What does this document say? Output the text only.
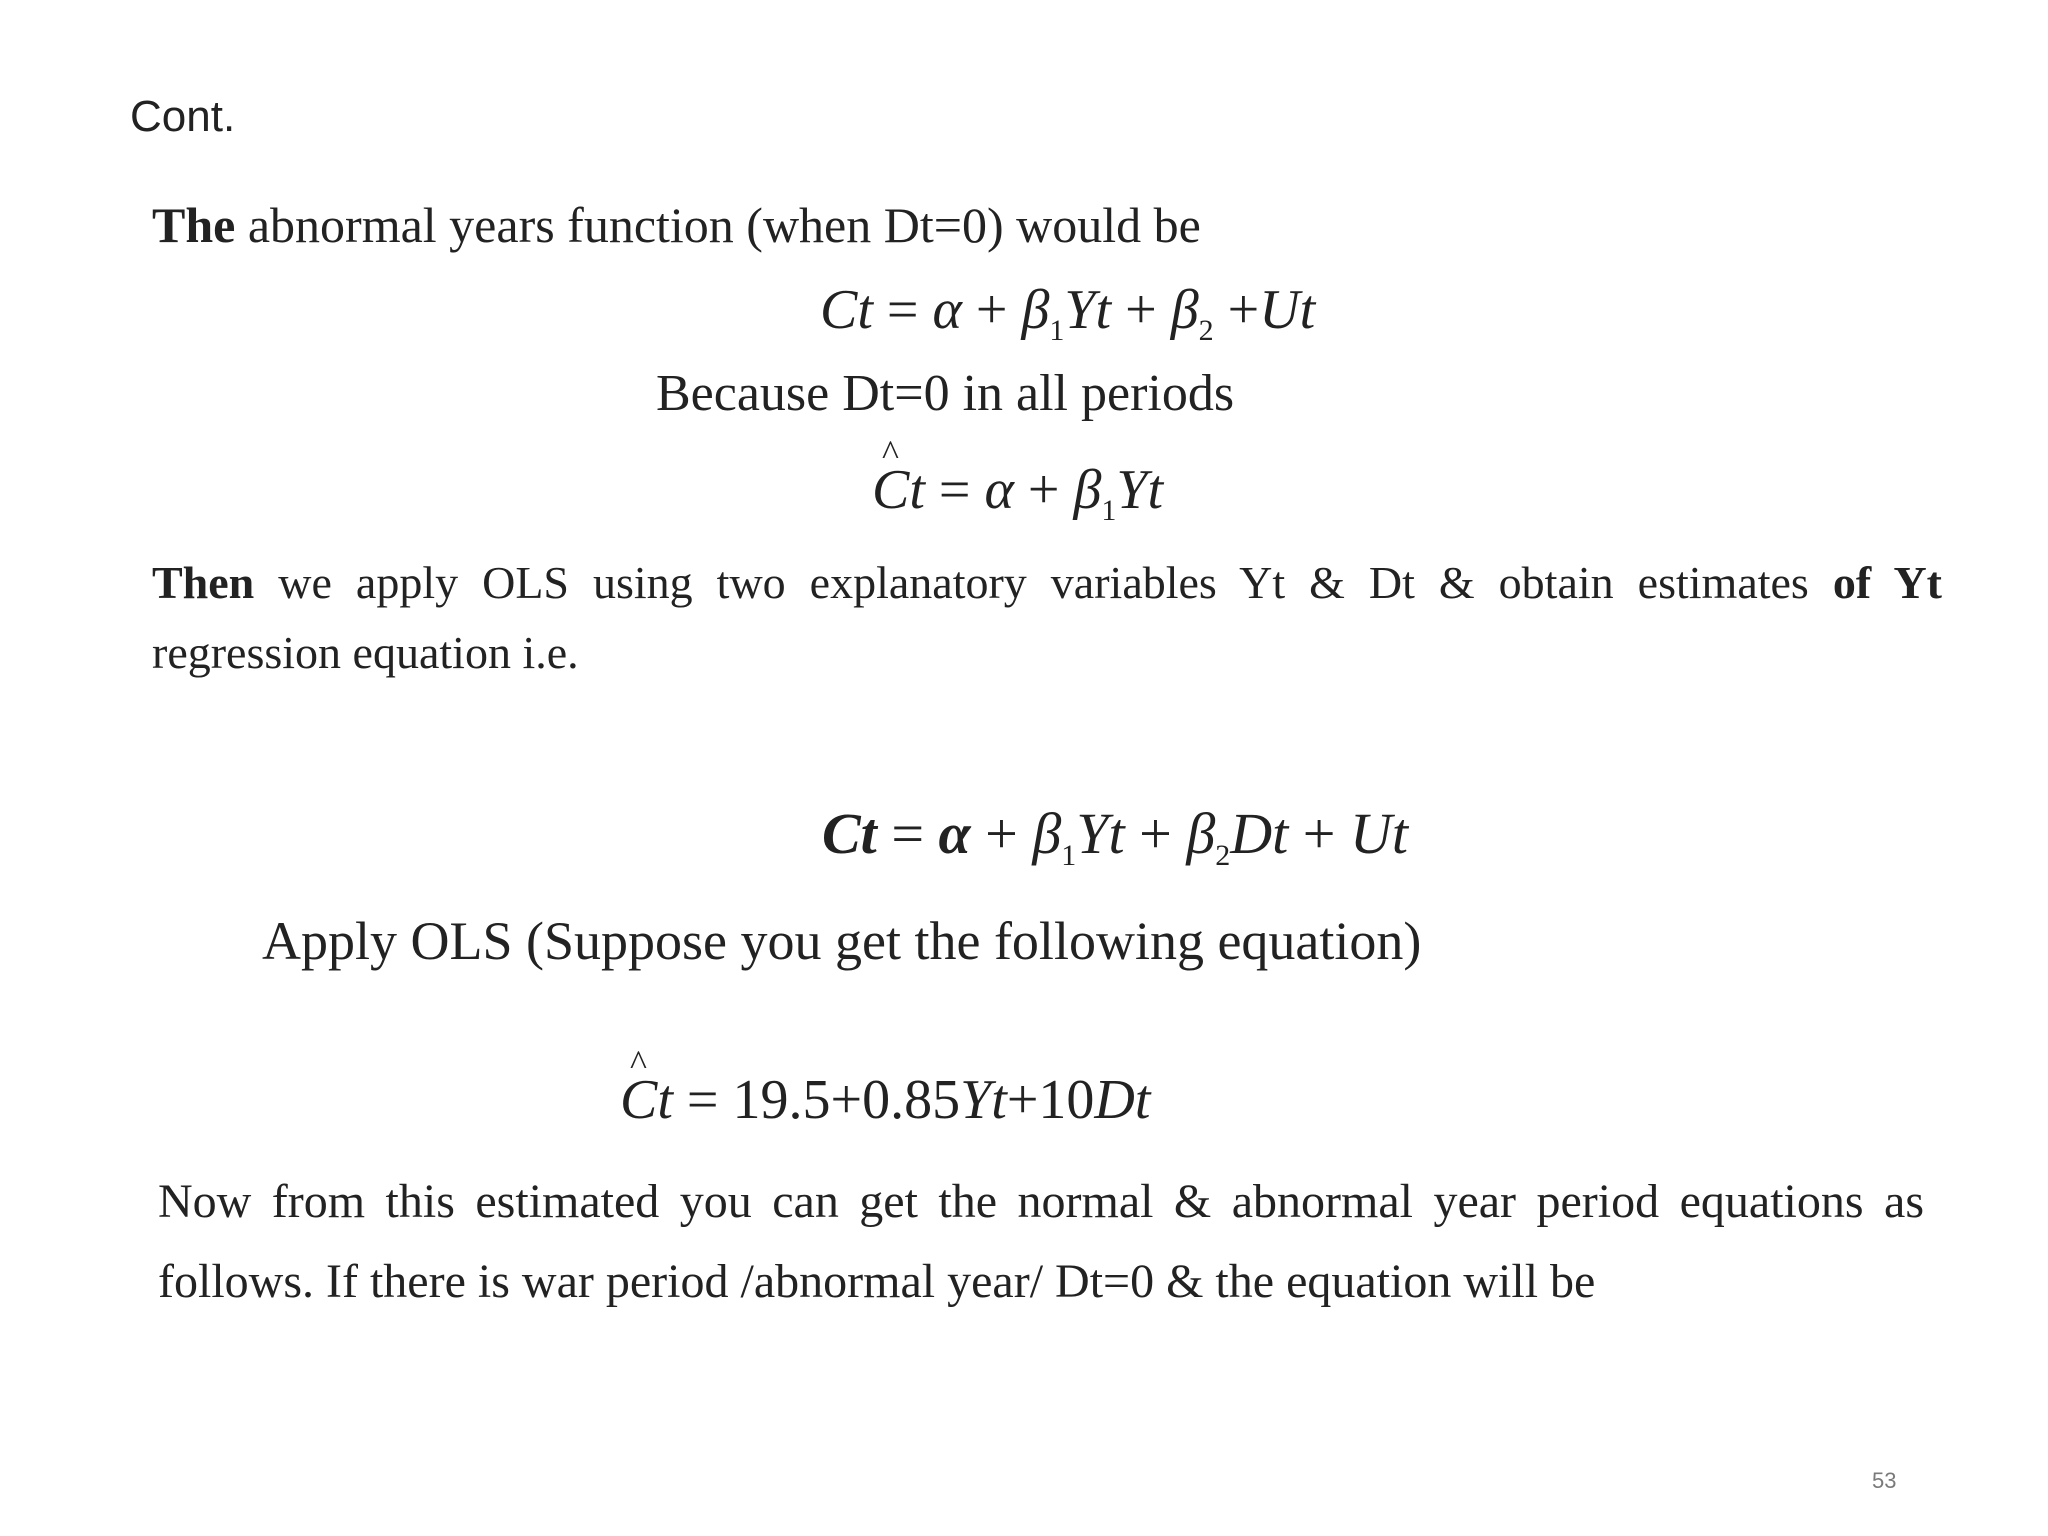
Cont.
The abnormal years function (when Dt=0) would be
$Ct = \alpha + \beta_1Yt + \beta_2 +Ut$
Because Dt=0 in all periods
^ $Ct = \alpha + \beta_1Yt$
Then we apply OLS using two explanatory variables Yt & Dt & obtain estimates of Yt regression equation i.e.
$Ct = \alpha + \beta_1Yt + \beta_2Dt + Ut$
Apply OLS (Suppose you get the following equation)
^ Ct = 19.5+0.85Yt+10Dt
Now from this estimated you can get the normal & abnormal year period equations as follows. If there is war period /abnormal year/ Dt=0 & the equation will be
53
